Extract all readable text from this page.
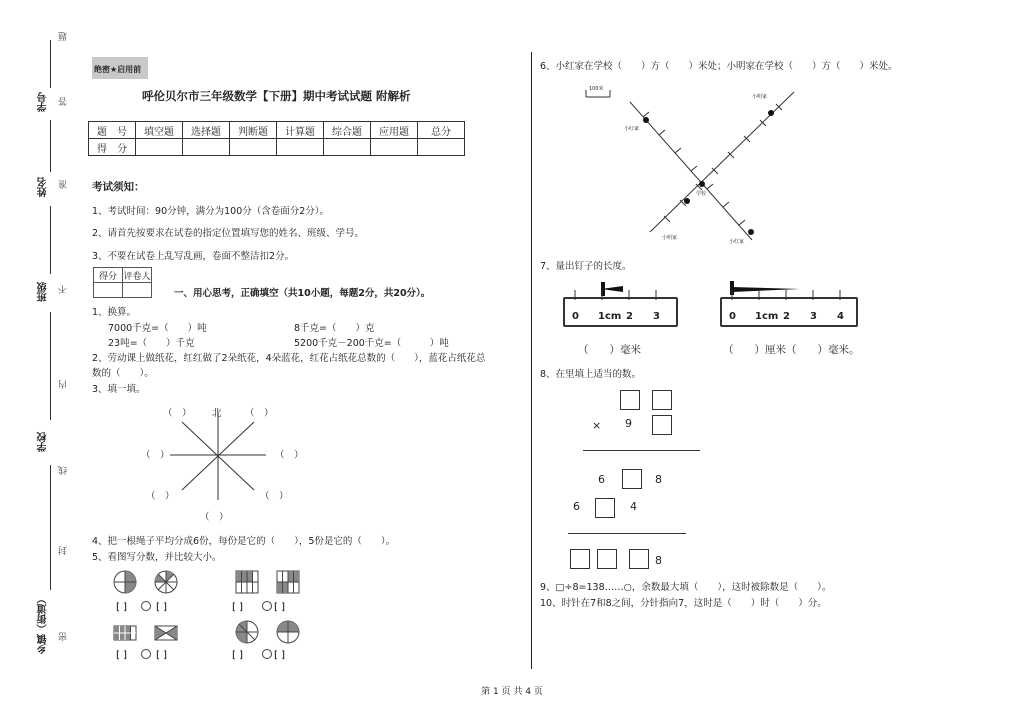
题
学号 答
姓名 准
班级 不
内
学校
线
封
乡镇（街道） 密
绝密★启用前
呼伦贝尔市三年级数学【下册】期中考试试题 附解析
题　号	填空题	选择题	判断题	计算题	综合题	应用题	总分
得　分							
考试须知：
1、考试时间：90分钟，满分为100分（含卷面分2分）。
2、请首先按要求在试卷的指定位置填写您的姓名、班级、学号。
3、不要在试卷上乱写乱画，卷面不整洁扣2分。
得分	评卷人

一、用心思考，正确填空（共10小题，每题2分，共20分）。
1、换算。
7000千克=（　　）吨	8千克=（　　）克
23吨=（　　）千克	5200千克－200千克=（　　　）吨
2、劳动课上做纸花，红红做了2朵纸花，4朵蓝花，红花占纸花总数的（　　），蓝花占纸花总
数的（　　）。
3、填一填。
（　） 北 （　）
（　）	（　）
（　）	（　）
（　）
4、把一根绳子平均分成6份，每份是它的（　　），5份是它的（　　）。
5、看图写分数，并比较大小。
[ ]	[ ]	[ ]	[ ]
[ ]	[ ]	[ ]	[ ]
6、小红家在学校（　　）方（　　）米处；小明家在学校（　　）方（　　）米处。
100米
小明家
小红家
学校
小明家
小红家
7、量出钉子的长度。
0 1cm 2 3
（　　）毫米
0 1cm 2 3 4
（　　）厘米（　　）毫米。
8、在里填上适当的数。
× 9
6	8
6	4
8
9、□÷8=138……○，余数最大填（　　），这时被除数是（　　）。
10、时针在7和8之间，分针指向7，这时是（　　）时（　　）分。
第 1 页 共 4 页
